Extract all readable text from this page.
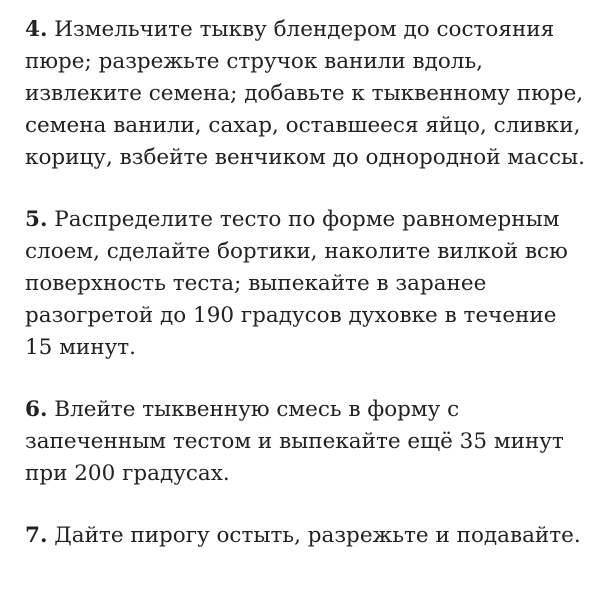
4. Измельчите тыкву блендером до состояния пюре; разрежьте стручок ванили вдоль, извлеките семена; добавьте к тыквенному пюре, семена ванили, сахар, оставшееся яйцо, сливки, корицу, взбейте венчиком до однородной массы.

5. Распределите тесто по форме равномерным слоем, сделайте бортики, наколите вилкой всю поверхность теста; выпекайте в заранее разогретой до 190 градусов духовке в течение 15 минут.

6. Влейте тыквенную смесь в форму с запеченным тестом и выпекайте ещё 35 минут при 200 градусах.

7. Дайте пирогу остыть, разрежьте и подавайте.
